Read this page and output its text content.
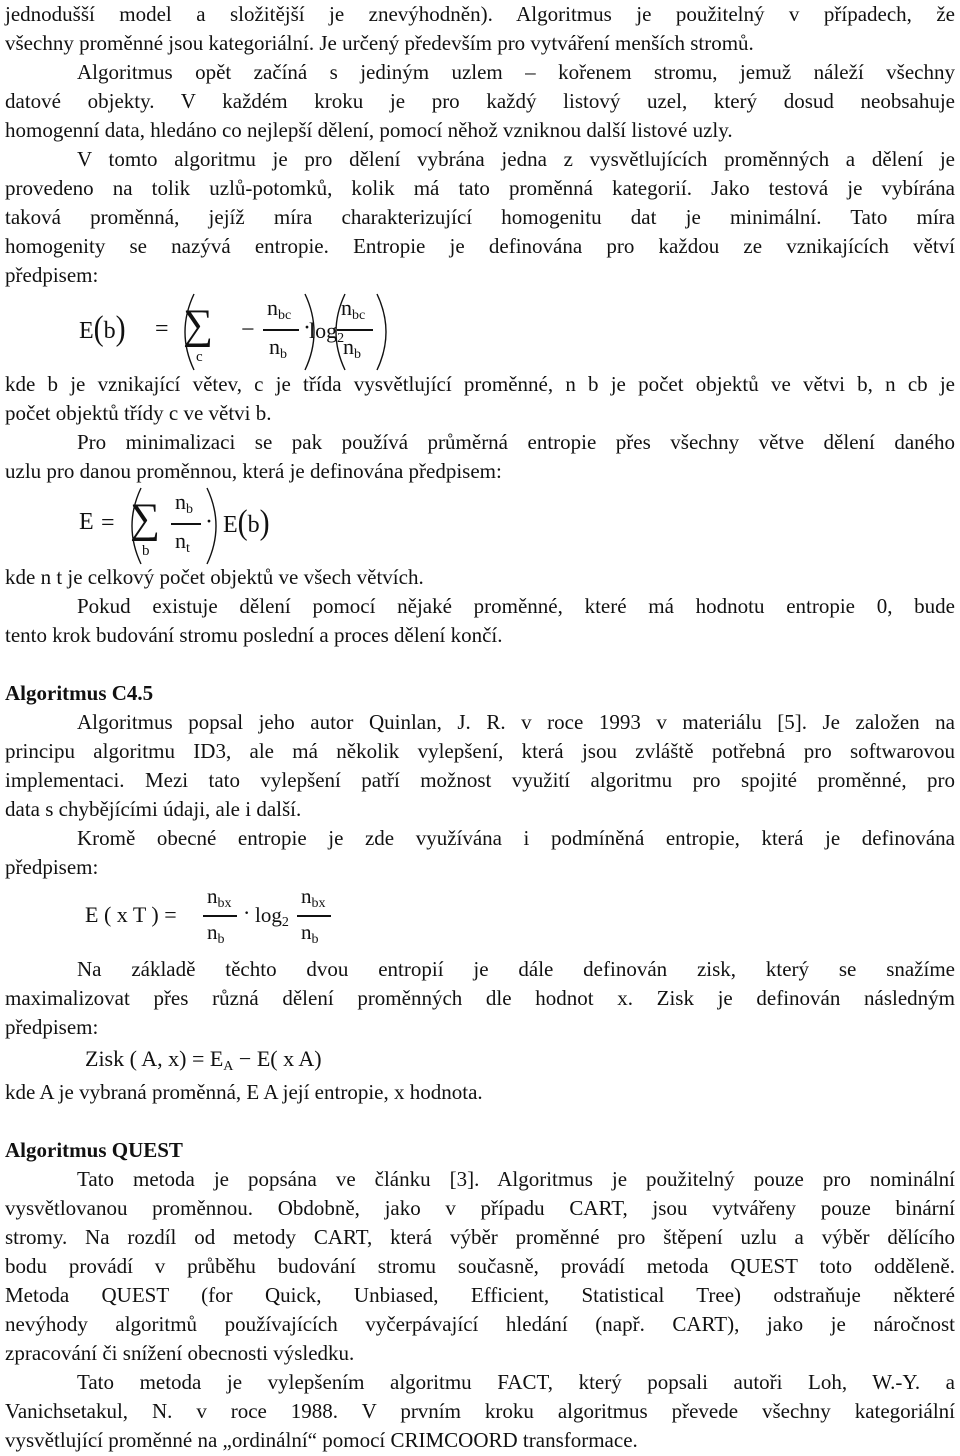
jednodušší model a složitější je znevýhodněn). Algoritmus je použitelný v případech, že
všechny proměnné jsou kategoriální. Je určený především pro vytváření menších stromů.
Algoritmus opět začíná s jediným uzlem – kořenem stromu, jemuž náleží všechny
datové objekty. V každém kroku je pro každý listový uzel, který dosud neobsahuje
homogenní data, hledáno co nejlepší dělení, pomocí něhož vzniknou další listové uzly.
V tomto algoritmu je pro dělení vybrána jedna z vysvětlujících proměnných a dělení je
provedeno na tolik uzlů-potomků, kolik má tato proměnná kategorií. Jako testová je vybírána
taková proměnná, jejíž míra charakterizující homogenitu dat je minimální. Tato míra
homogenity se nazývá entropie. Entropie je definována pro každou ze vznikajících větví
předpisem:
E(b) = ∑
c
−
nbc
nb
·
log2
nbc
nb
kde b je vznikající větev, c je třída vysvětlující proměnné, n b je počet objektů ve větvi b, n cb je
počet objektů třídy c ve větvi b.
Pro minimalizaci se pak používá průměrná entropie přes všechny větve dělení daného
uzlu pro danou proměnnou, která je definována předpisem:
E = ∑
b
nb
nt
· E(b)
kde n t je celkový počet objektů ve všech větvích.
Pokud existuje dělení pomocí nějaké proměnné, které má hodnotu entropie 0, bude
tento krok budování stromu poslední a proces dělení končí.
Algoritmus C4.5
Algoritmus popsal jeho autor Quinlan, J. R. v roce 1993 v materiálu [5]. Je založen na
principu algoritmu ID3, ale má několik vylepšení, která jsou zvláště potřebná pro softwarovou
implementaci. Mezi tato vylepšení patří možnost využití algoritmu pro spojité proměnné, pro
data s chybějícími údaji, ale i další.
Kromě obecné entropie je zde využívána i podmíněná entropie, která je definována
předpisem:
E ( x T ) =
nbx
nb
· log2
nbx
nb
Na základě těchto dvou entropií je dále definován zisk, který se snažíme
maximalizovat přes různá dělení proměnných dle hodnot x. Zisk je definován následným
předpisem:
Zisk ( A, x) = EA − E( x A)
kde A je vybraná proměnná, E A její entropie, x hodnota.
Algoritmus QUEST
Tato metoda je popsána ve článku [3]. Algoritmus je použitelný pouze pro nominální
vysvětlovanou proměnnou. Obdobně, jako v případu CART, jsou vytvářeny pouze binární
stromy. Na rozdíl od metody CART, která výběr proměnné pro štěpení uzlu a výběr dělícího
bodu provádí v průběhu budování stromu současně, provádí metoda QUEST toto odděleně.
Metoda QUEST (for Quick, Unbiased, Efficient, Statistical Tree) odstraňuje některé
nevýhody algoritmů používajících vyčerpávající hledání (např. CART), jako je náročnost
zpracování či snížení obecnosti výsledku.
Tato metoda je vylepšením algoritmu FACT, který popsali autoři Loh, W.-Y. a
Vanichsetakul, N. v roce 1988. V prvním kroku algoritmus převede všechny kategoriální
vysvětlující proměnné na „ordinální“ pomocí CRIMCOORD transformace.
